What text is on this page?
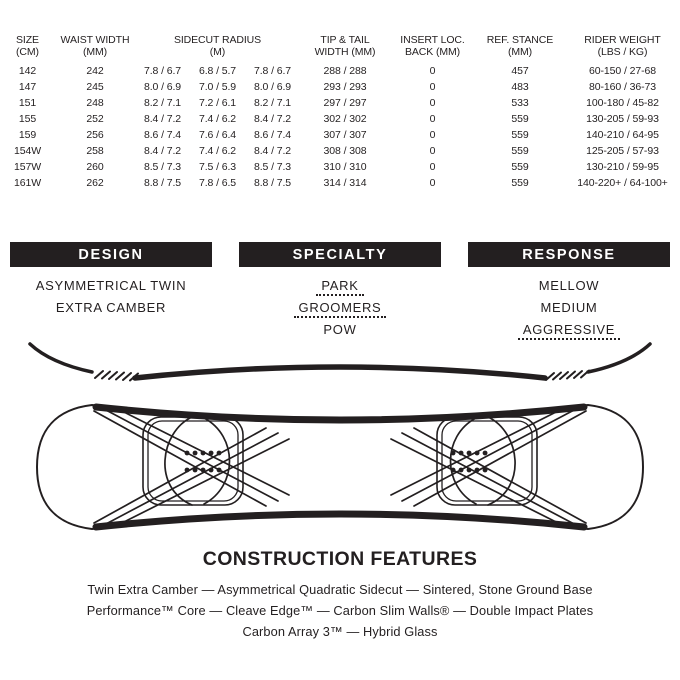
SIZE
(CM)

WAIST WIDTH
(MM)

SIDECUT RADIUS
(M)

TIP & TAIL
WIDTH (MM)

INSERT LOC.
BACK (MM)

REF. STANCE
(MM)

RIDER WEIGHT
(LBS / KG)

142	242	7.8 / 6.7	6.8 / 5.7	7.8 / 6.7	288 / 288	0	457	60-150 / 27-68
147	245	8.0 / 6.9	7.0 / 5.9	8.0 / 6.9	293 / 293	0	483	80-160 / 36-73
151	248	8.2 / 7.1	7.2 / 6.1	8.2 / 7.1	297 / 297	0	533	100-180 / 45-82
155	252	8.4 / 7.2	7.4 / 6.2	8.4 / 7.2	302 / 302	0	559	130-205 / 59-93
159	256	8.6 / 7.4	7.6 / 6.4	8.6 / 7.4	307 / 307	0	559	140-210 / 64-95
154W	258	8.4 / 7.2	7.4 / 6.2	8.4 / 7.2	308 / 308	0	559	125-205 / 57-93
157W	260	8.5 / 7.3	7.5 / 6.3	8.5 / 7.3	310 / 310	0	559	130-210 / 59-95
161W	262	8.8 / 7.5	7.8 / 6.5	8.8 / 7.5	314 / 314	0	559	140-220+ / 64-100+
DESIGN
ASYMMETRICAL TWIN
EXTRA CAMBER
SPECIALTY
PARK
GROOMERS
POW
RESPONSE
MELLOW
MEDIUM
AGGRESSIVE
CONSTRUCTION FEATURES
Twin Extra Camber — Asymmetrical Quadratic Sidecut — Sintered, Stone Ground Base
Performance™ Core — Cleave Edge™ — Carbon Slim Walls® — Double Impact Plates
Carbon Array 3™ — Hybrid Glass
